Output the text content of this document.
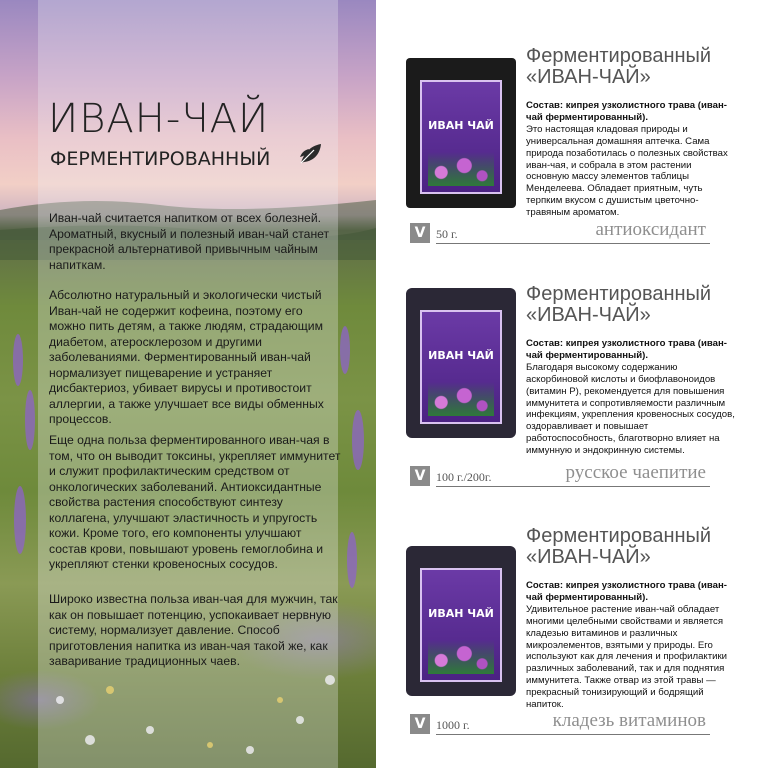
ИВАН-ЧАЙ
ФЕРМЕНТИРОВАННЫЙ
Иван-чай считается напитком от всех болезней. Ароматный, вкусный и полезный иван-чай станет прекрасной альтернативой привычным чайным напиткам.
Абсолютно натуральный и экологически чистый Иван-чай не содержит кофеина, поэтому его можно пить детям, а также людям, страдающим диабетом, атеросклерозом и другими заболеваниями. Ферментированный иван-чай нормализует пищеварение и устраняет дисбактериоз, убивает вирусы и противостоит аллергии, а также улучшает все виды обменных процессов.
Еще одна польза ферментированного иван-чая в том, что он выводит токсины, укрепляет иммунитет и служит профилактическим средством от онкологических заболеваний. Антиоксидантные свойства растения способствуют синтезу коллагена, улучшают эластичность и упругость кожи. Кроме того, его компоненты улучшают состав крови, повышают уровень гемоглобина и укрепляют стенки кровеносных сосудов.
Широко известна польза иван-чая для мужчин, так как он повышает потенцию, успокаивает нервную систему, нормализует давление. Способ приготовления напитка из иван-чая такой же, как заваривание традиционных чаев.
ИВАН ЧАЙ
Ферментированный
«ИВАН-ЧАЙ»
Состав: кипрея узколистного трава (иван-чай ферментированный).
Это настоящая кладовая природы и универсальная домашняя аптечка. Сама природа позаботилась о полезных свойствах иван-чая, и собрала в этом растении основную массу элементов таблицы Менделеева. Обладает приятным, чуть терпким вкусом с душистым цветочно-травяным ароматом.
V 50 г.	антиоксидант
ИВАН ЧАЙ
Ферментированный
«ИВАН-ЧАЙ»
Состав: кипрея узколистного трава (иван-чай ферментированный).
Благодаря высокому содержанию аскорбиновой кислоты и биофлавоноидов (витамин Р), рекомендуется для повышения иммунитета и сопротивляемости различным инфекциям, укрепления кровеносных сосудов, оздоравливает и повышает работоспособность, благотворно влияет на иммунную и эндокринную системы.
V 100 г./200г.	русское чаепитие
ИВАН ЧАЙ
Ферментированный
«ИВАН-ЧАЙ»
Состав: кипрея узколистного трава (иван-чай ферментированный).
Удивительное растение иван-чай обладает многими целебными свойствами и является кладезью витаминов и различных микроэлементов, взятыми у природы. Его используют как для лечения и профилактики различных заболеваний, так и для поднятия иммунитета. Также отвар из этой травы — прекрасный тонизирующий и бодрящий напиток.
V 1000 г.	кладезь витаминов
